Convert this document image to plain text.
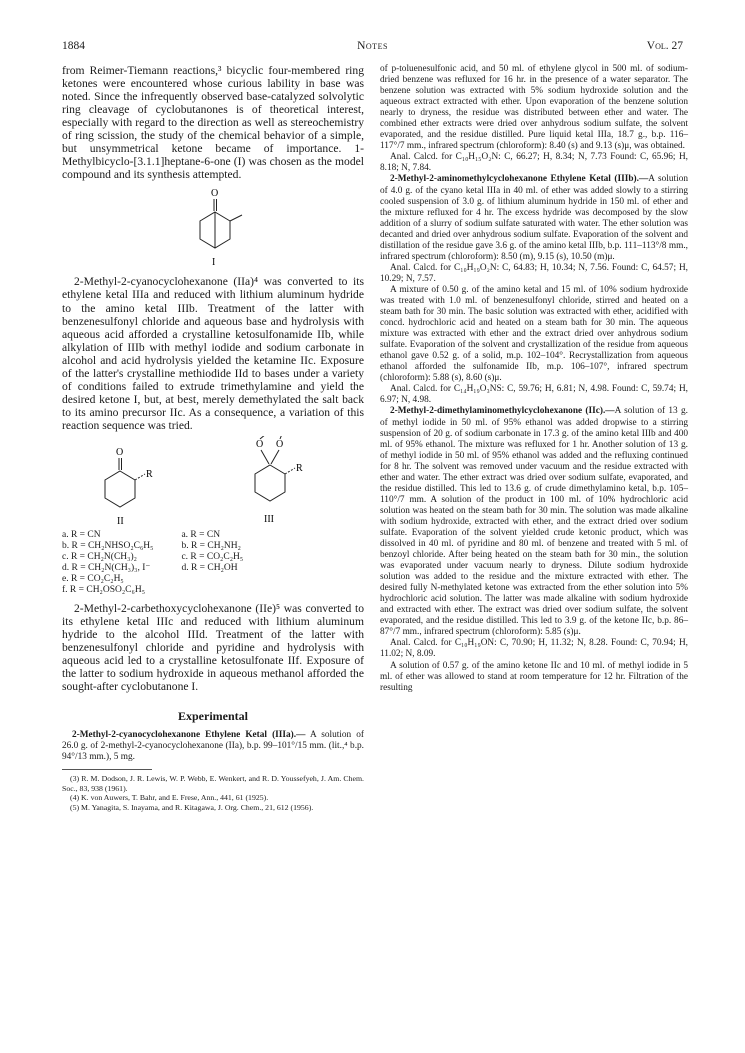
1884	Notes	Vol. 27

from Reimer-Tiemann reactions,³ bicyclic four-membered ring ketones were encountered whose curious lability in base was noted. Since the infrequently observed base-catalyzed solvolytic ring cleavage of cyclobutanones is of theoretical interest, especially with regard to the direction as well as stereochemistry of ring scission, the study of the chemical behavior of a simple, but unsymmetrical ketone became of importance. 1-Methylbicyclo-[3.1.1]heptane-6-one (I) was chosen as the model compound and its synthesis attempted.

O
I

2-Methyl-2-cyanocyclohexanone (IIa)⁴ was converted to its ethylene ketal IIIa and reduced with lithium aluminum hydride to the amino ketal IIIb. Treatment of the latter with benzenesulfonyl chloride and aqueous base and hydrolysis with aqueous acid afforded a crystalline ketosulfonamide IIb, while alkylation of IIIb with methyl iodide and sodium carbonate in alcohol and acid hydrolysis yielded the ketamine IIc. Exposure of the latter's crystalline methiodide IId to bases under a variety of conditions failed to extrude trimethylamine and yield the desired ketone I, but, at best, merely demethylated the salt back to its amino precursor IIc. As a consequence, a variation of this reaction sequence was tried.

O
R
II
O O
R
III
a. R = CN
b. R = CH₂NHSO₂C₆H₅
c. R = CH₂N(CH₃)₂
d. R = CH₂N(CH₃)₃, I⁻
e. R = CO₂C₂H₅
f. R = CH₂OSO₂C₆H₅
a. R = CN
b. R = CH₂NH₂
c. R = CO₂C₂H₅
d. R = CH₂OH

2-Methyl-2-carbethoxycyclohexanone (IIe)⁵ was converted to its ethylene ketal IIIc and reduced with lithium aluminum hydride to the alcohol IIId. Treatment of the latter with benzenesulfonyl chloride and pyridine and hydrolysis with aqueous acid led to a crystalline ketosulfonate IIf. Exposure of the latter to sodium hydroxide in aqueous methanol afforded the sought-after cyclobutanone I.

Experimental

2-Methyl-2-cyanocyclohexanone Ethylene Ketal (IIIa).— A solution of 26.0 g. of 2-methyl-2-cyanocyclohexanone (IIa), b.p. 99–101°/15 mm. (lit.,⁴ b.p. 94°/13 mm.), 5 mg.

(3) R. M. Dodson, J. R. Lewis, W. P. Webb, E. Wenkert, and R. D. Youssefyeh, J. Am. Chem. Soc., 83, 938 (1961).

(4) K. von Auwers, T. Bahr, and E. Frese, Ann., 441, 61 (1925).

(5) M. Yanagita, S. Inayama, and R. Kitagawa, J. Org. Chem., 21, 612 (1956).

of p-toluenesulfonic acid, and 50 ml. of ethylene glycol in 500 ml. of sodium-dried benzene was refluxed for 16 hr. in the presence of a water separator. The benzene solution was extracted with 5% sodium hydroxide solution and the aqueous extract extracted with ether. Upon evaporation of the benzene solution nearly to dryness, the residue was distributed between ether and water. The combined ether extracts were dried over anhydrous sodium sulfate, the solvent evaporated, and the residue distilled. Pure liquid ketal IIIa, 18.7 g., b.p. 116–117°/7 mm., infrared spectrum (chloroform): 8.40 (s) and 9.13 (s)μ, was obtained.

Anal. Calcd. for C₁₀H₁₅O₂N: C, 66.27; H, 8.34; N, 7.73 Found: C, 65.96; H, 8.18; N, 7.84.

2-Methyl-2-aminomethylcyclohexanone Ethylene Ketal (IIIb).—A solution of 4.0 g. of the cyano ketal IIIa in 40 ml. of ether was added slowly to a stirring cooled suspension of 3.0 g. of lithium aluminum hydride in 150 ml. of ether and the mixture refluxed for 4 hr. The excess hydride was decomposed by the slow addition of a slurry of sodium sulfate saturated with water. The ether solution was decanted and dried over anhydrous sodium sulfate. Evaporation of the solvent and distillation of the residue gave 3.6 g. of the amino ketal IIIb, b.p. 111–113°/8 mm., infrared spectrum (chloroform): 8.50 (m), 9.15 (s), 10.50 (m)μ.

Anal. Calcd. for C₁₀H₁₉O₂N: C, 64.83; H, 10.34; N, 7.56. Found: C, 64.57; H, 10.29; N, 7.57.

A mixture of 0.50 g. of the amino ketal and 15 ml. of 10% sodium hydroxide was treated with 1.0 ml. of benzenesulfonyl chloride, stirred and heated on a steam bath for 30 min. The basic solution was extracted with ether, acidified with concd. hydrochloric acid and heated on a steam bath for 30 min. The aqueous mixture was extracted with ether and the extract dried over anhydrous sodium sulfate. Evaporation of the solvent and crystallization of the residue from aqueous ethanol gave 0.52 g. of a solid, m.p. 102–104°. Recrystallization from aqueous ethanol afforded the sulfonamide IIb, m.p. 106–107°, infrared spectrum (chloroform): 5.88 (s), 8.60 (s)μ.

Anal. Calcd. for C₁₄H₁₉O₃NS: C, 59.76; H, 6.81; N, 4.98. Found: C, 59.74; H, 6.97; N, 4.98.

2-Methyl-2-dimethylaminomethylcyclohexanone (IIc).—A solution of 13 g. of methyl iodide in 50 ml. of 95% ethanol was added dropwise to a stirring suspension of 20 g. of sodium carbonate in 17.3 g. of the amino ketal IIIb and 400 ml. of 95% ethanol. The mixture was refluxed for 1 hr. Another solution of 13 g. of methyl iodide in 50 ml. of 95% ethanol was added and the refluxing continued for 8 hr. The solvent was removed under vacuum and the residue extracted with ether and water. The ether extract was dried over sodium sulfate, evaporated, and the residue distilled. This led to 13.6 g. of crude dimethylamino ketal, b.p. 105–110°/7 mm. A solution of the product in 100 ml. of 10% hydrochloric acid solution was heated on the steam bath for 30 min. The solution was made alkaline with sodium hydroxide, extracted with ether, and the extract dried over sodium sulfate. Evaporation of the solvent yielded crude ketonic product, which was dissolved in 40 ml. of pyridine and 80 ml. of benzene and treated with 5 ml. of benzoyl chloride. After being heated on the steam bath for 30 min., the solution was evaporated under vacuum nearly to dryness. Dilute sodium hydroxide solution was added to the residue and the mixture extracted with ether. The desired fully N-methylated ketone was extracted from the ether solution into 5% hydrochloric acid solution. The latter was made alkaline with sodium hydroxide and extracted with ether. The extract was dried over sodium sulfate, the solvent evaporated, and the residue distilled. This led to 3.9 g. of the ketone IIc, b.p. 86–87°/7 mm., infrared spectrum (chloroform): 5.85 (s)μ.

Anal. Calcd. for C₁₀H₁₉ON: C, 70.90; H, 11.32; N, 8.28. Found: C, 70.94; H, 11.02; N, 8.09.

A solution of 0.57 g. of the amino ketone IIc and 10 ml. of methyl iodide in 5 ml. of ether was allowed to stand at room temperature for 12 hr. Filtration of the resulting
